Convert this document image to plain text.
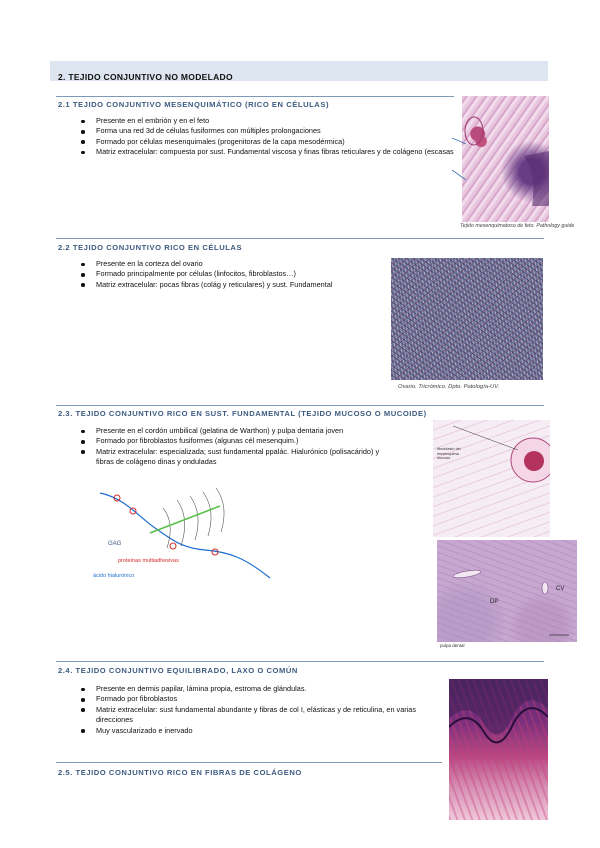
2. TEJIDO CONJUNTIVO NO MODELADO
2.1 TEJIDO CONJUNTIVO MESENQUIMÁTICO (RICO EN CÉLULAS)
Presente en el embrión y en el feto
Forma una red 3d de células fusiformes con múltiples prolongaciones
Formado por células mesenquimales (progenitoras de la capa mesodérmica)
Matriz extracelular: compuesta por sust. Fundamental viscosa y finas fibras reticulares y de colágeno (escasas
Tejido mesenquimatoso de feto. Pathology guide
2.2 TEJIDO CONJUNTIVO RICO EN CÉLULAS
Presente en la corteza del ovario
Formado principalmente por células (linfocitos, fibroblastos…)
Matriz extracelular: pocas fibras (colág y reticulares) y sust. Fundamental
Ovario. Tricrómico. Dpto. Patología-UV.
2.3. TEJIDO CONJUNTIVO RICO EN SUST. FUNDAMENTAL (TEJIDO MUCOSO O MUCOIDE)
Presente en el cordón umbilical (gelatina de Warthon) y pulpa dentaria joven
Formado por fibroblastos fusiformes (algunas cél mesenquim.)
Matriz extracelular: especializada; sust fundamental ppalác. Hialurónico (polisacárido) y fibras de colágeno dinas y onduladas
GAG
proteínas multiadhesivas
ácido hialurónico
fibroblasto del mesénquima mucoso
DP
CV
pulpa dental
2.4. TEJIDO CONJUNTIVO EQUILIBRADO, LAXO O COMÚN
Presente en dermis papilar, lámina propia, estroma de glándulas.
Formado por fibroblastos
Matriz extracelular: sust fundamental abundante y fibras de col I, elásticas y de reticulina, en varias direcciones
Muy vascularizado e inervado
2.5. TEJIDO CONJUNTIVO RICO EN FIBRAS DE COLÁGENO
